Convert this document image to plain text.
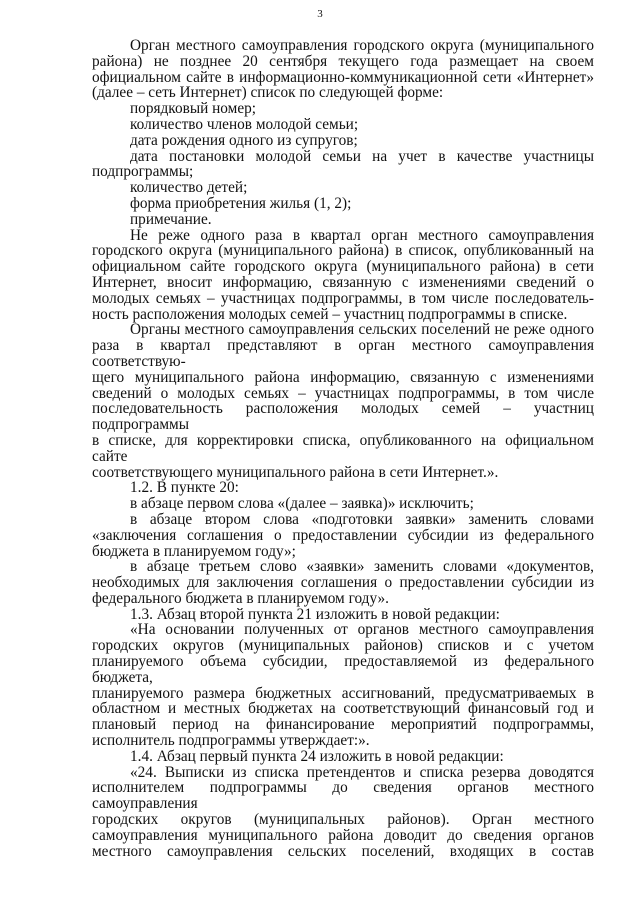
3
Орган местного самоуправления городского округа (муниципального
района) не позднее 20 сентября текущего года размещает на своем
официальном сайте в информационно-коммуникационной сети «Интернет»
(далее – сеть Интернет) список по следующей форме:
порядковый номер;
количество членов молодой семьи;
дата рождения одного из супругов;
дата постановки молодой семьи на учет в качестве участницы
подпрограммы;
количество детей;
форма приобретения жилья (1, 2);
примечание.
Не реже одного раза в квартал орган местного самоуправления
городского округа (муниципального района) в список, опубликованный на
официальном сайте городского округа (муниципального района) в сети
Интернет, вносит информацию, связанную с изменениями сведений о
молодых семьях – участницах подпрограммы, в том числе последователь-
ность расположения молодых семей – участниц подпрограммы в списке.
Органы местного самоуправления сельских поселений не реже одного
раза в квартал представляют в орган местного самоуправления соответствую-
щего муниципального района информацию, связанную с изменениями
сведений о молодых семьях – участницах подпрограммы, в том числе
последовательность расположения молодых семей – участниц подпрограммы
в списке, для корректировки списка, опубликованного на официальном сайте
соответствующего муниципального района в сети Интернет.».
1.2. В пункте 20:
в абзаце первом слова «(далее – заявка)» исключить;
в абзаце втором слова «подготовки заявки» заменить словами
«заключения соглашения о предоставлении субсидии из федерального
бюджета в планируемом году»;
в абзаце третьем слово «заявки» заменить словами «документов,
необходимых для заключения соглашения о предоставлении субсидии из
федерального бюджета в планируемом году».
1.3. Абзац второй пункта 21 изложить в новой редакции:
«На основании полученных от органов местного самоуправления
городских округов (муниципальных районов) списков и с учетом
планируемого объема субсидии, предоставляемой из федерального бюджета,
планируемого размера бюджетных ассигнований, предусматриваемых в
областном и местных бюджетах на соответствующий финансовый год и
плановый период на финансирование мероприятий подпрограммы,
исполнитель подпрограммы утверждает:».
1.4. Абзац первый пункта 24 изложить в новой редакции:
«24. Выписки из списка претендентов и списка резерва доводятся
исполнителем подпрограммы до сведения органов местного самоуправления
городских округов (муниципальных районов). Орган местного
самоуправления муниципального района доводит до сведения органов
местного самоуправления сельских поселений, входящих в состав
